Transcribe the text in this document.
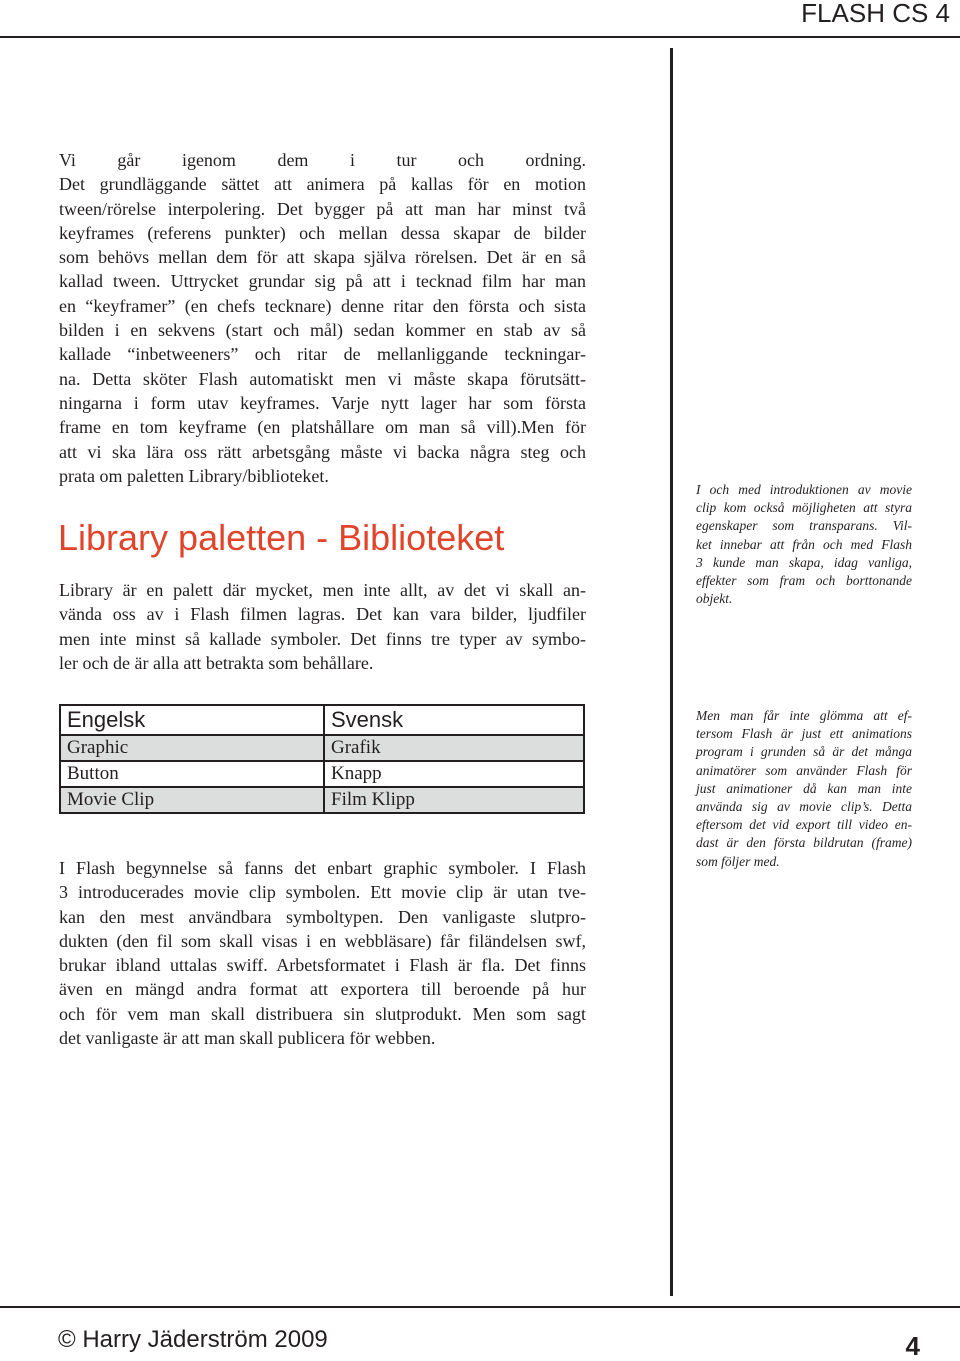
FLASH CS 4
Vi går igenom dem i tur och ordning.
Det grundläggande sättet att animera på kallas för en motion
tween/rörelse interpolering. Det bygger på att man har minst två
keyframes (referens punkter) och mellan dessa skapar de bilder
som behövs mellan dem för att skapa själva rörelsen. Det är en så
kallad tween. Uttrycket grundar sig på att i tecknad film har man
en “keyframer” (en chefs tecknare) denne ritar den första och sista
bilden i en sekvens (start och mål) sedan kommer en stab av så
kallade “inbetweeners” och ritar de mellanliggande teckningar-
na. Detta sköter Flash automatiskt men vi måste skapa förutsätt-
ningarna i form utav keyframes. Varje nytt lager har som första
frame en tom keyframe (en platshållare om man så vill).Men för
att vi ska lära oss rätt arbetsgång måste vi backa några steg och
prata om paletten Library/biblioteket.
Library paletten - Biblioteket
Library är en palett där mycket, men inte allt, av det vi skall an-
vända oss av i Flash filmen lagras. Det kan vara bilder, ljudfiler
men inte minst så kallade symboler. Det finns tre typer av symbo-
ler och de är alla att betrakta som behållare.
Engelsk	Svensk
Graphic	Grafik
Button	Knapp
Movie Clip	Film Klipp
I Flash begynnelse så fanns det enbart graphic symboler. I Flash
3 introducerades movie clip symbolen. Ett movie clip är utan tve-
kan den mest användbara symboltypen. Den vanligaste slutpro-
dukten (den fil som skall visas i en webbläsare) får filändelsen swf,
brukar ibland uttalas swiff. Arbetsformatet i Flash är fla. Det finns
även en mängd andra format att exportera till beroende på hur
och för vem man skall distribuera sin slutprodukt. Men som sagt
det vanligaste är att man skall publicera för webben.
I och med introduktionen av movie
clip kom också möjligheten att styra
egenskaper som transparans. Vil-
ket innebar att från och med Flash
3 kunde man skapa, idag vanliga,
effekter som fram och borttonande
objekt.
Men man får inte glömma att ef-
tersom Flash är just ett animations
program i grunden så är det många
animatörer som använder Flash för
just animationer då kan man inte
använda sig av movie clip’s. Detta
eftersom det vid export till video en-
dast är den första bildrutan (frame)
som följer med.
© Harry Jäderström 2009	4
